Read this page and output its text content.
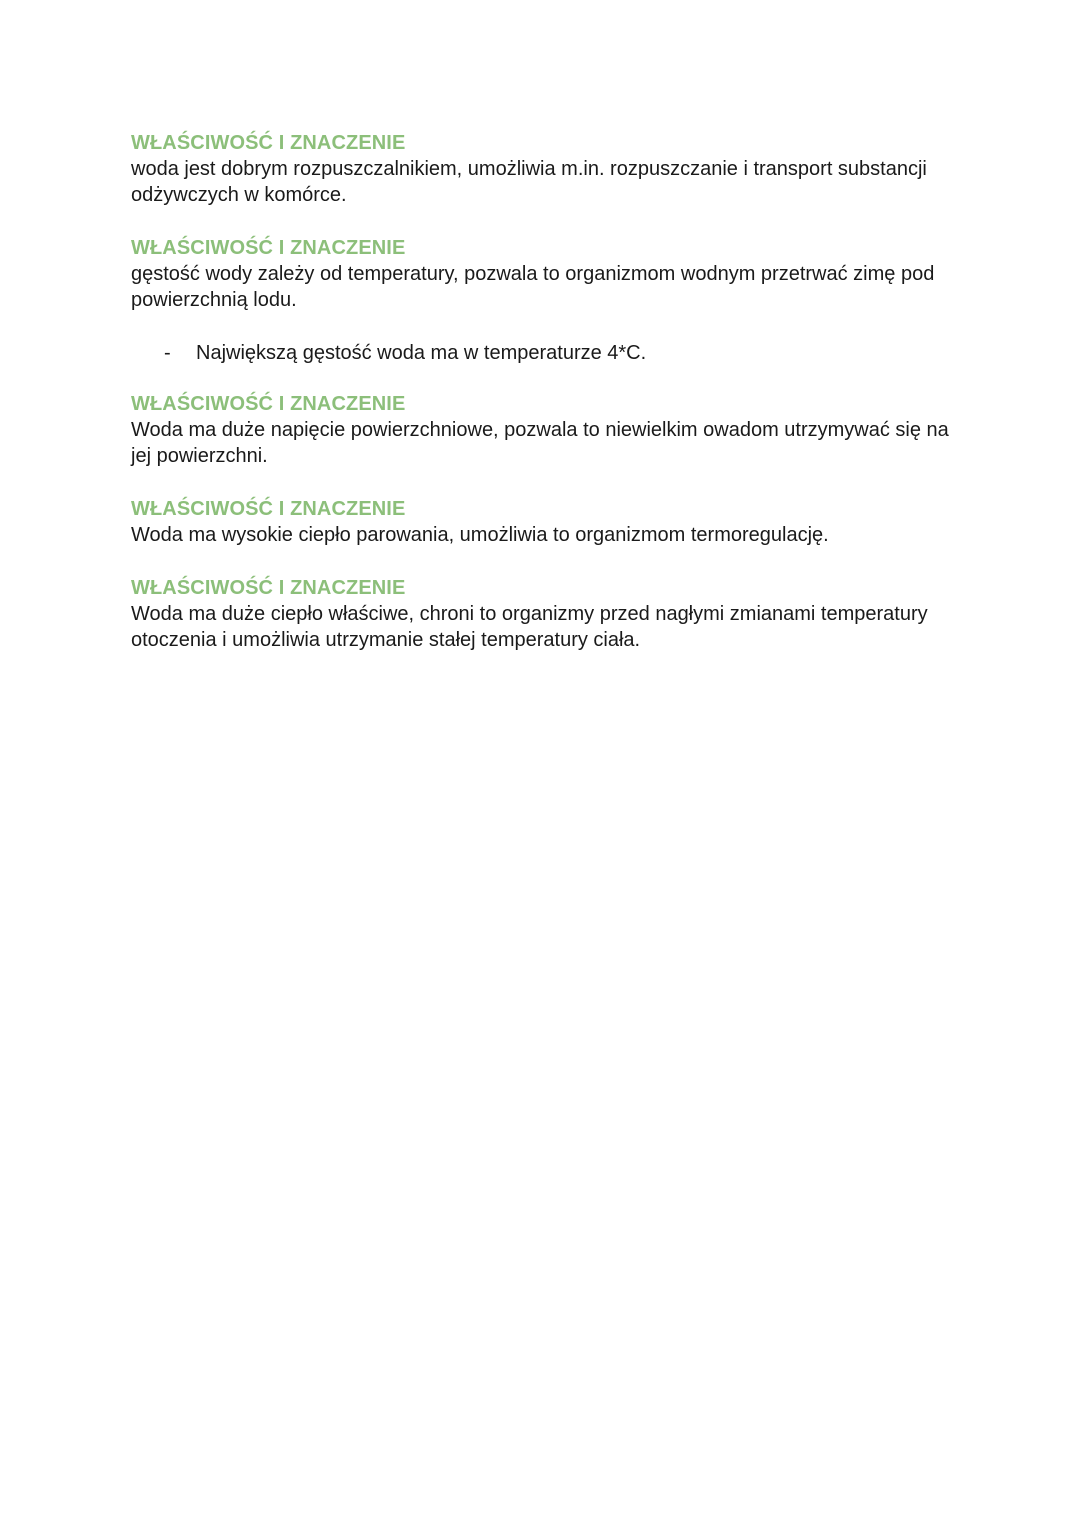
WŁAŚCIWOŚĆ I ZNACZENIE

woda jest dobrym rozpuszczalnikiem, umożliwia m.in. rozpuszczanie i transport substancji

odżywczych w komórce.

WŁAŚCIWOŚĆ I ZNACZENIE

gęstość wody zależy od temperatury, pozwala to organizmom wodnym przetrwać zimę pod

powierzchnią lodu.

- Największą gęstość woda ma w temperaturze 4*C.

WŁAŚCIWOŚĆ I ZNACZENIE

Woda ma duże napięcie powierzchniowe, pozwala to niewielkim owadom utrzymywać się na

jej powierzchni.

WŁAŚCIWOŚĆ I ZNACZENIE

Woda ma wysokie ciepło parowania, umożliwia to organizmom termoregulację.

WŁAŚCIWOŚĆ I ZNACZENIE

Woda ma duże ciepło właściwe, chroni to organizmy przed nagłymi zmianami temperatury

otoczenia i umożliwia utrzymanie stałej temperatury ciała.
